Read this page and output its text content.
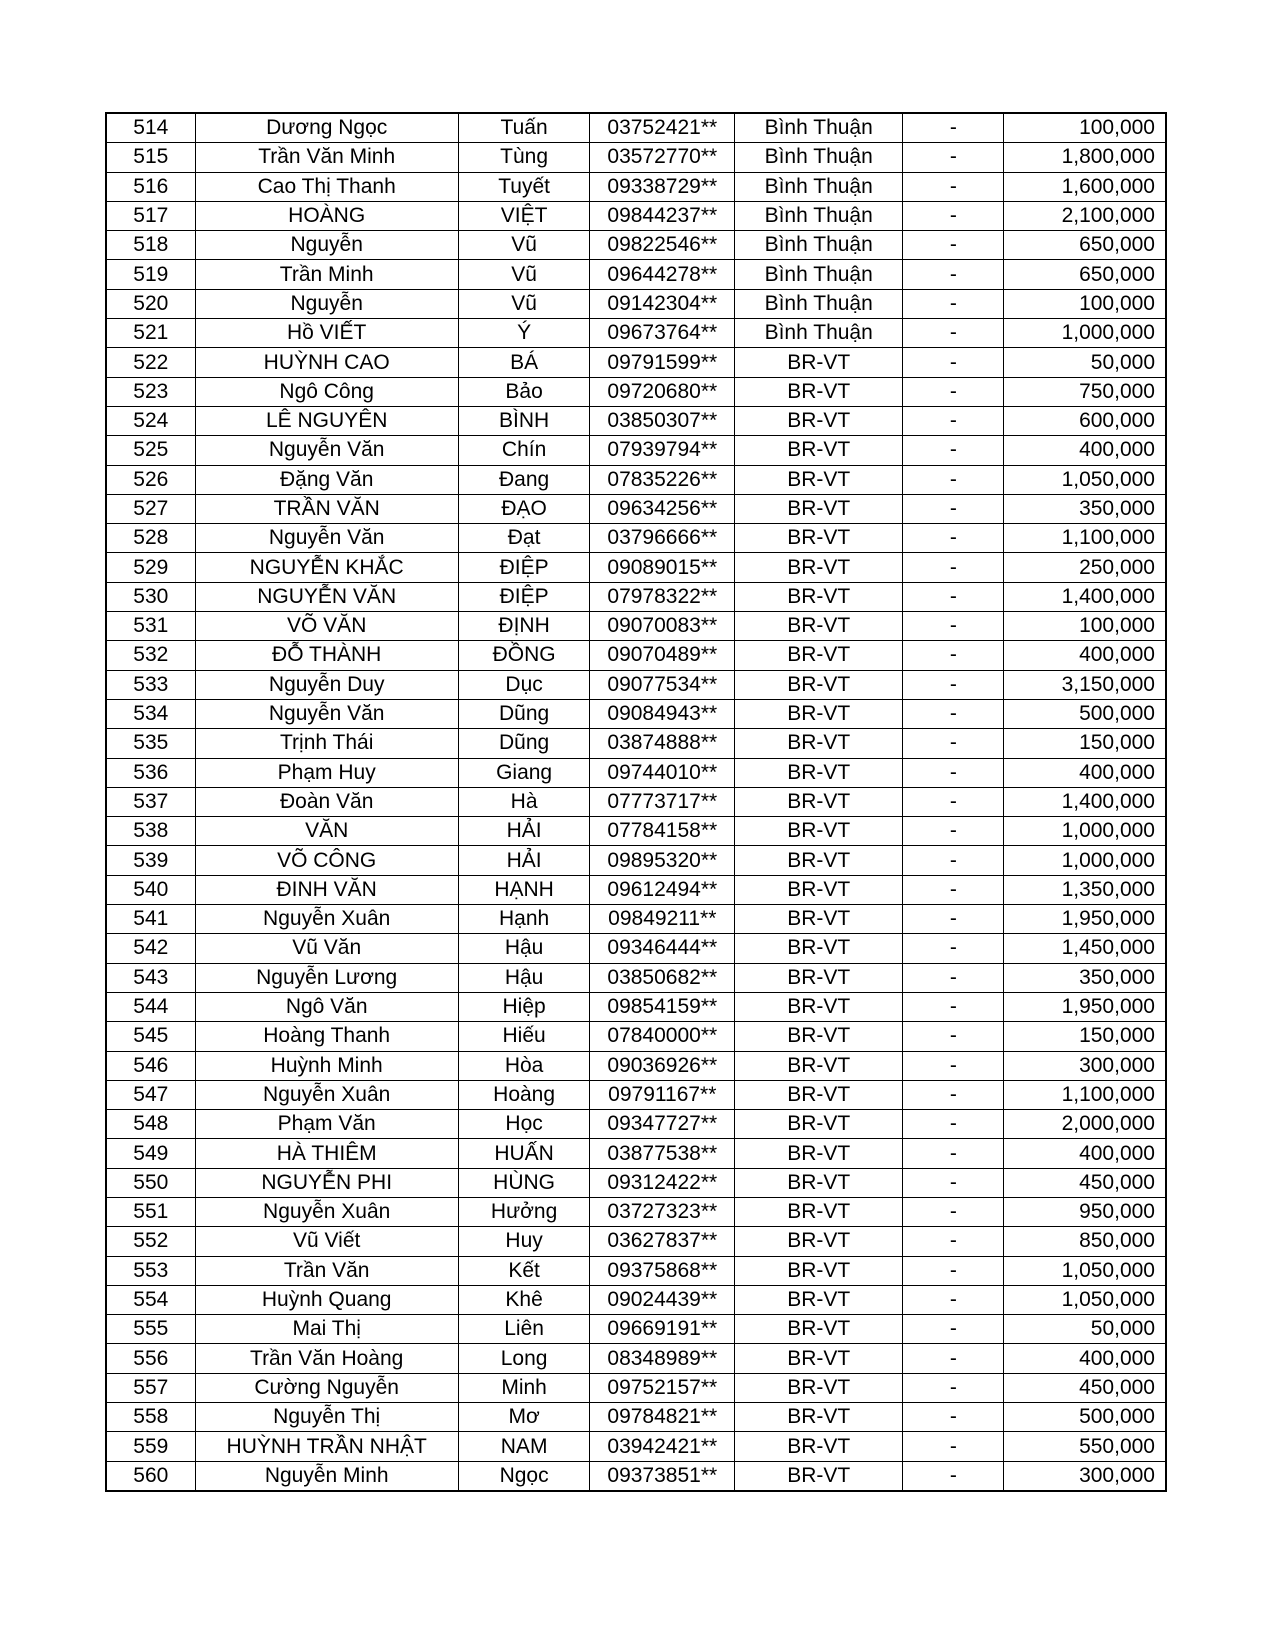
514	Dương Ngọc	Tuấn	03752421**	Bình Thuận	-	100,000
515	Trần Văn Minh	Tùng	03572770**	Bình Thuận	-	1,800,000
516	Cao Thị Thanh	Tuyết	09338729**	Bình Thuận	-	1,600,000
517	HOÀNG	VIỆT	09844237**	Bình Thuận	-	2,100,000
518	Nguyễn	Vũ	09822546**	Bình Thuận	-	650,000
519	Trần Minh	Vũ	09644278**	Bình Thuận	-	650,000
520	Nguyễn	Vũ	09142304**	Bình Thuận	-	100,000
521	Hồ VIẾT	Ý	09673764**	Bình Thuận	-	1,000,000
522	HUỲNH CAO	BÁ	09791599**	BR-VT	-	50,000
523	Ngô Công	Bảo	09720680**	BR-VT	-	750,000
524	LÊ NGUYÊN	BÌNH	03850307**	BR-VT	-	600,000
525	Nguyễn Văn	Chín	07939794**	BR-VT	-	400,000
526	Đặng Văn	Đang	07835226**	BR-VT	-	1,050,000
527	TRẦN VĂN	ĐẠO	09634256**	BR-VT	-	350,000
528	Nguyễn Văn	Đạt	03796666**	BR-VT	-	1,100,000
529	NGUYỄN KHẮC	ĐIỆP	09089015**	BR-VT	-	250,000
530	NGUYỄN VĂN	ĐIỆP	07978322**	BR-VT	-	1,400,000
531	VÕ VĂN	ĐỊNH	09070083**	BR-VT	-	100,000
532	ĐỖ THÀNH	ĐỒNG	09070489**	BR-VT	-	400,000
533	Nguyễn Duy	Dục	09077534**	BR-VT	-	3,150,000
534	Nguyễn Văn	Dũng	09084943**	BR-VT	-	500,000
535	Trịnh Thái	Dũng	03874888**	BR-VT	-	150,000
536	Phạm Huy	Giang	09744010**	BR-VT	-	400,000
537	Đoàn Văn	Hà	07773717**	BR-VT	-	1,400,000
538	VĂN	HẢI	07784158**	BR-VT	-	1,000,000
539	VÕ CÔNG	HẢI	09895320**	BR-VT	-	1,000,000
540	ĐINH VĂN	HẠNH	09612494**	BR-VT	-	1,350,000
541	Nguyễn Xuân	Hạnh	09849211**	BR-VT	-	1,950,000
542	Vũ Văn	Hậu	09346444**	BR-VT	-	1,450,000
543	Nguyễn Lương	Hậu	03850682**	BR-VT	-	350,000
544	Ngô Văn	Hiệp	09854159**	BR-VT	-	1,950,000
545	Hoàng Thanh	Hiếu	07840000**	BR-VT	-	150,000
546	Huỳnh Minh	Hòa	09036926**	BR-VT	-	300,000
547	Nguyễn Xuân	Hoàng	09791167**	BR-VT	-	1,100,000
548	Phạm Văn	Học	09347727**	BR-VT	-	2,000,000
549	HÀ THIÊM	HUẤN	03877538**	BR-VT	-	400,000
550	NGUYỄN PHI	HÙNG	09312422**	BR-VT	-	450,000
551	Nguyễn Xuân	Hưởng	03727323**	BR-VT	-	950,000
552	Vũ Viết	Huy	03627837**	BR-VT	-	850,000
553	Trần Văn	Kết	09375868**	BR-VT	-	1,050,000
554	Huỳnh Quang	Khê	09024439**	BR-VT	-	1,050,000
555	Mai Thị	Liên	09669191**	BR-VT	-	50,000
556	Trần Văn Hoàng	Long	08348989**	BR-VT	-	400,000
557	Cường Nguyễn	Minh	09752157**	BR-VT	-	450,000
558	Nguyễn Thị	Mơ	09784821**	BR-VT	-	500,000
559	HUỲNH TRẦN NHẬT	NAM	03942421**	BR-VT	-	550,000
560	Nguyễn Minh	Ngọc	09373851**	BR-VT	-	300,000
